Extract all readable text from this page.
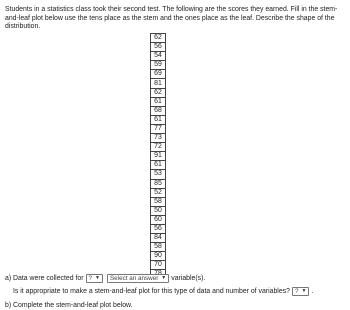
Students in a statistics class took their second test. The following are the scores they earned. Fill in the stem-and-leaf plot below use the tens place as the stem and the ones place as the leaf. Describe the shape of the distribution.
62
56
54
59
69
81
62
61
68
61
77
73
72
91
61
53
85
52
58
50
60
56
84
58
90
70

a) Data were collected for ? ▼ Select an answer ▼ variable(s).
Is it appropriate to make a stem-and-leaf plot for this type of data and number of variables? ? ▼ .
b) Complete the stem-and-leaf plot below.
